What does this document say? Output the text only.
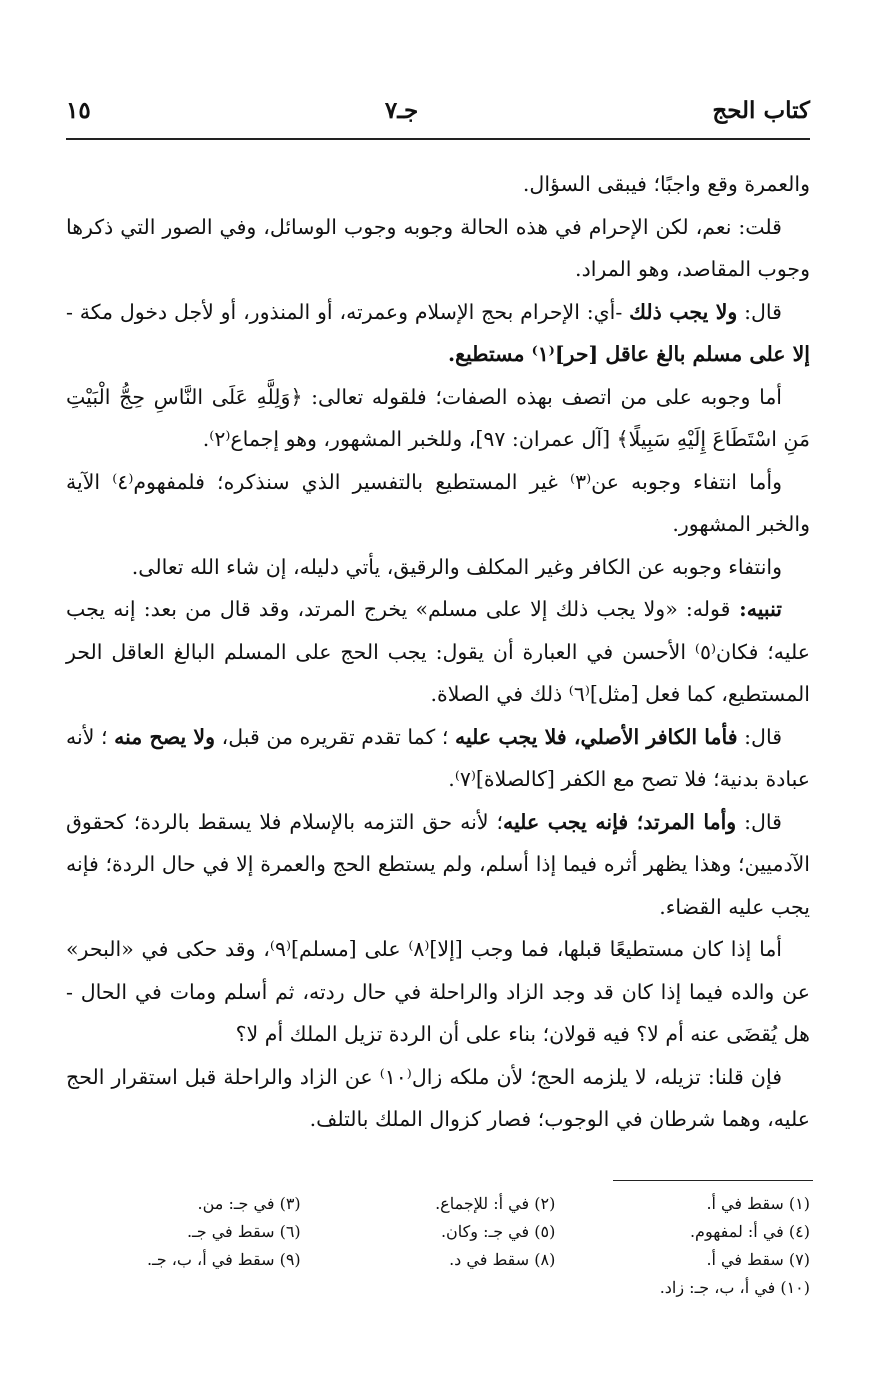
كتاب الحج
جـ٧
١٥

والعمرة وقع واجبًا؛ فيبقى السؤال.

قلت: نعم، لكن الإحرام في هذه الحالة وجوبه وجوب الوسائل، وفي الصور التي ذكرها وجوب المقاصد، وهو المراد.

قال: ولا يجب ذلك -أي: الإحرام بحج الإسلام وعمرته، أو المنذور، أو لأجل دخول مكة - إلا على مسلم بالغ عاقل [حر]⁽١⁾ مستطيع.

أما وجوبه على من اتصف بهذه الصفات؛ فلقوله تعالى: ﴿وَلِلَّهِ عَلَى النَّاسِ حِجُّ الْبَيْتِ مَنِ اسْتَطَاعَ إِلَيْهِ سَبِيلًا﴾ [آل عمران: ٩٧]، وللخبر المشهور، وهو إجماع⁽٢⁾.

وأما انتفاء وجوبه عن⁽٣⁾ غير المستطيع بالتفسير الذي سنذكره؛ فلمفهوم⁽٤⁾ الآية والخبر المشهور.

وانتفاء وجوبه عن الكافر وغير المكلف والرقيق، يأتي دليله، إن شاء الله تعالى.

تنبيه: قوله: «ولا يجب ذلك إلا على مسلم» يخرج المرتد، وقد قال من بعد: إنه يجب عليه؛ فكان⁽٥⁾ الأحسن في العبارة أن يقول: يجب الحج على المسلم البالغ العاقل الحر المستطيع، كما فعل [مثل]⁽٦⁾ ذلك في الصلاة.

قال: فأما الكافر الأصلي، فلا يجب عليه ؛ كما تقدم تقريره من قبل، ولا يصح منه ؛ لأنه عبادة بدنية؛ فلا تصح مع الكفر [كالصلاة]⁽٧⁾.

قال: وأما المرتد؛ فإنه يجب عليه؛ لأنه حق التزمه بالإسلام فلا يسقط بالردة؛ كحقوق الآدميين؛ وهذا يظهر أثره فيما إذا أسلم، ولم يستطع الحج والعمرة إلا في حال الردة؛ فإنه يجب عليه القضاء.

أما إذا كان مستطيعًا قبلها، فما وجب [إلا]⁽٨⁾ على [مسلم]⁽٩⁾، وقد حكى في «البحر» عن والده فيما إذا كان قد وجد الزاد والراحلة في حال ردته، ثم أسلم ومات في الحال - هل يُقضَى عنه أم لا؟ فيه قولان؛ بناء على أن الردة تزيل الملك أم لا؟

فإن قلنا: تزيله، لا يلزمه الحج؛ لأن ملكه زال⁽١٠⁾ عن الزاد والراحلة قبل استقرار الحج عليه، وهما شرطان في الوجوب؛ فصار كزوال الملك بالتلف.

(١) سقط في أ.
(٢) في أ: للإجماع.
(٣) في جـ: من.
(٤) في أ: لمفهوم.
(٥) في جـ: وكان.
(٦) سقط في جـ.
(٧) سقط في أ.
(٨) سقط في د.
(٩) سقط في أ، ب، جـ.
(١٠) في أ، ب، جـ: زاد.
